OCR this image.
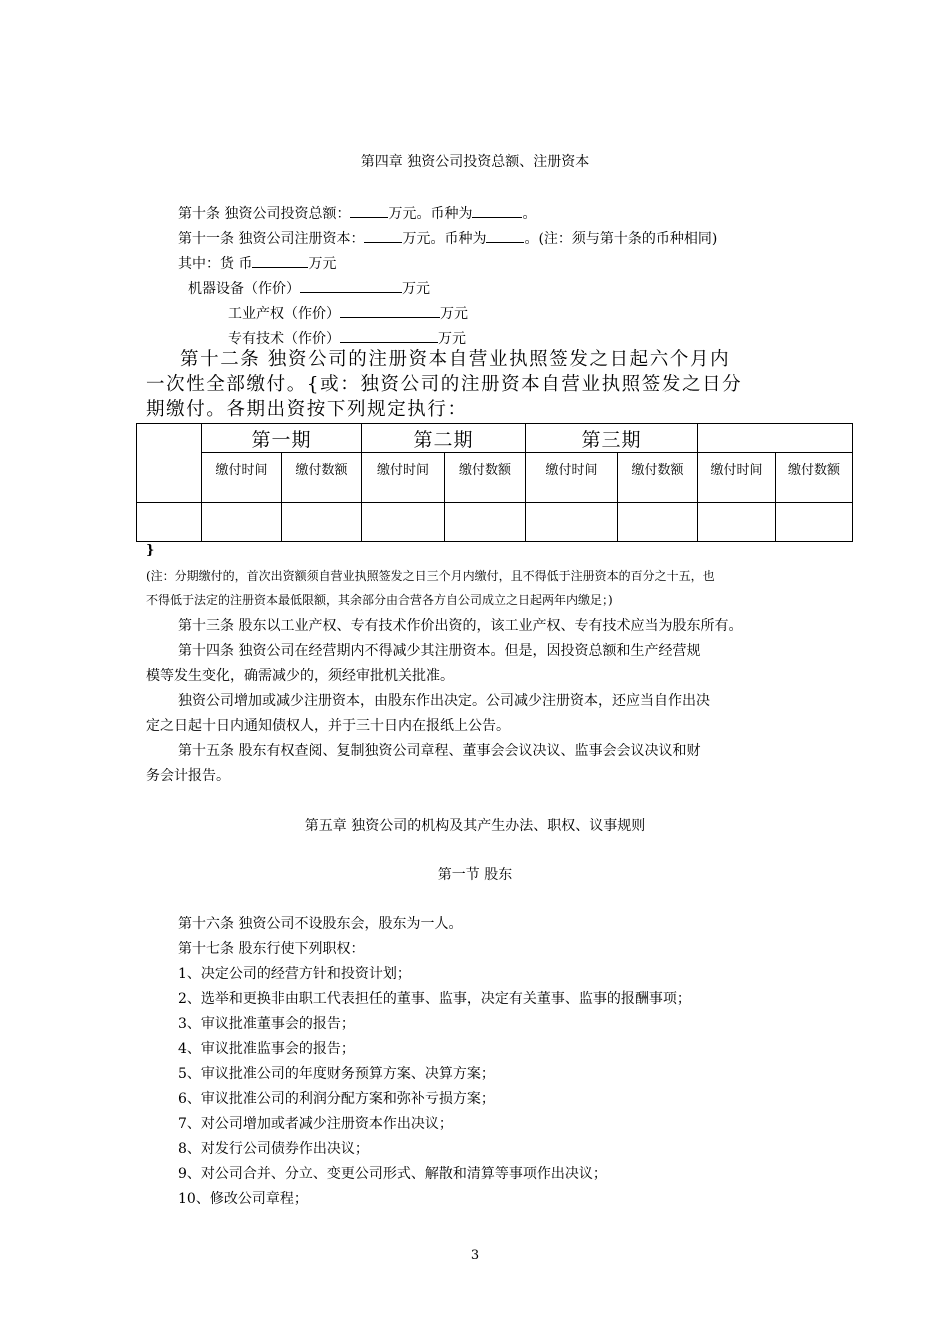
第四章 独资公司投资总额、注册资本
第十条 独资公司投资总额：	万元。币种为	。
第十一条 独资公司注册资本：	万元。币种为	。(注：须与第十条的币种相同)
其中：货 币	万元
机器设备（作价）	万元
工业产权（作价）	万元
专有技术（作价）	万元
第十二条 独资公司的注册资本自营业执照签发之日起六个月内
一次性全部缴付。{或：独资公司的注册资本自营业执照签发之日分
期缴付。各期出资按下列规定执行：
	第一期		第二期		第三期			
	缴付时间	缴付数额	缴付时间	缴付数额	缴付时间	缴付数额	缴付时间	缴付数额

}
(注：分期缴付的，首次出资额须自营业执照签发之日三个月内缴付，且不得低于注册资本的百分之十五，也
不得低于法定的注册资本最低限额，其余部分由合营各方自公司成立之日起两年内缴足；)
第十三条 股东以工业产权、专有技术作价出资的，该工业产权、专有技术应当为股东所有。
第十四条 独资公司在经营期内不得减少其注册资本。但是，因投资总额和生产经营规
模等发生变化，确需减少的，须经审批机关批准。
独资公司增加或减少注册资本，由股东作出决定。公司减少注册资本，还应当自作出决
定之日起十日内通知债权人，并于三十日内在报纸上公告。
第十五条 股东有权查阅、复制独资公司章程、董事会会议决议、监事会会议决议和财
务会计报告。
第五章 独资公司的机构及其产生办法、职权、议事规则
第一节 股东
第十六条 独资公司不设股东会，股东为一人。
第十七条 股东行使下列职权：
1、决定公司的经营方针和投资计划；
2、选举和更换非由职工代表担任的董事、监事，决定有关董事、监事的报酬事项；
3、审议批准董事会的报告；
4、审议批准监事会的报告；
5、审议批准公司的年度财务预算方案、决算方案；
6、审议批准公司的利润分配方案和弥补亏损方案；
7、对公司增加或者减少注册资本作出决议；
8、对发行公司债券作出决议；
9、对公司合并、分立、变更公司形式、解散和清算等事项作出决议；
10、修改公司章程；
3
